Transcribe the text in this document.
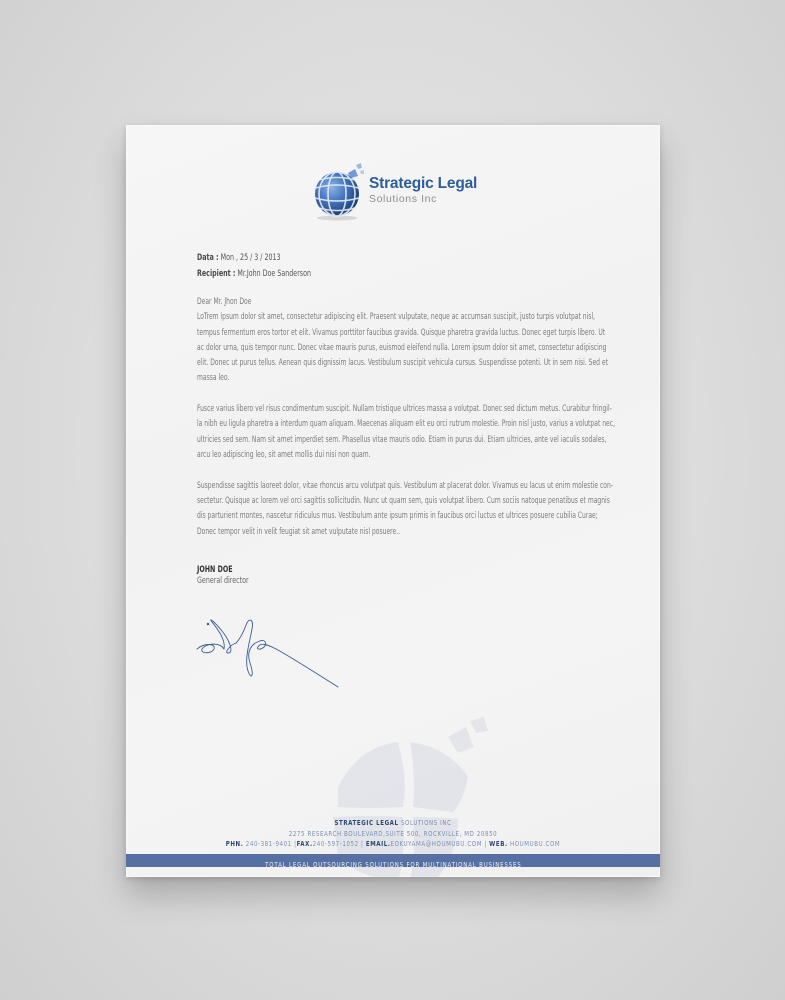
Strategic Legal
Solutions Inc
Data : Mon , 25 / 3 / 2013
Recipient : Mr.John Doe Sanderson
Dear Mr. Jhon Doe
LoTrem ipsum dolor sit amet, consectetur adipiscing elit. Praesent vulputate, neque ac accumsan suscipit, justo turpis volutpat nisl,
tempus fermentum eros tortor et elit. Vivamus porttitor faucibus gravida. Quisque pharetra gravida luctus. Donec eget turpis libero. Ut
ac dolor urna, quis tempor nunc. Donec vitae mauris purus, euismod eleifend nulla. Lorem ipsum dolor sit amet, consectetur adipiscing
elit. Donec ut purus tellus. Aenean quis dignissim lacus. Vestibulum suscipit vehicula cursus. Suspendisse potenti. Ut in sem nisi. Sed et
massa leo.
Fusce varius libero vel risus condimentum suscipit. Nullam tristique ultrices massa a volutpat. Donec sed dictum metus. Curabitur fringil-
la nibh eu ligula pharetra a interdum quam aliquam. Maecenas aliquam elit eu orci rutrum molestie. Proin nisl justo, varius a volutpat nec,
ultricies sed sem. Nam sit amet imperdiet sem. Phasellus vitae mauris odio. Etiam in purus dui. Etiam ultricies, ante vel iaculis sodales,
arcu leo adipiscing leo, sit amet mollis dui nisi non quam.
Suspendisse sagittis laoreet dolor, vitae rhoncus arcu volutpat quis. Vestibulum at placerat dolor. Vivamus eu lacus ut enim molestie con-
sectetur. Quisque ac lorem vel orci sagittis sollicitudin. Nunc ut quam sem, quis volutpat libero. Cum sociis natoque penatibus et magnis
dis parturient montes, nascetur ridiculus mus. Vestibulum ante ipsum primis in faucibus orci luctus et ultrices posuere cubilia Curae;
Donec tempor velit in velit feugiat sit amet vulputate nisl posuere..
JOHN DOE
General director
STRATEGIC LEGAL SOLUTIONS INC
2275 RESEARCH BOULEVARD,SUITE 500, ROCKVILLE, MD 20850
PHN. 240-381-9401 |FAX.240-597-1052 | EMAIL.EOKUYAMA@HOUMUBU.COM | WEB. HOUMUBU.COM
TOTAL LEGAL OUTSOURCING SOLUTIONS FOR MULTINATIONAL BUSINESSES
